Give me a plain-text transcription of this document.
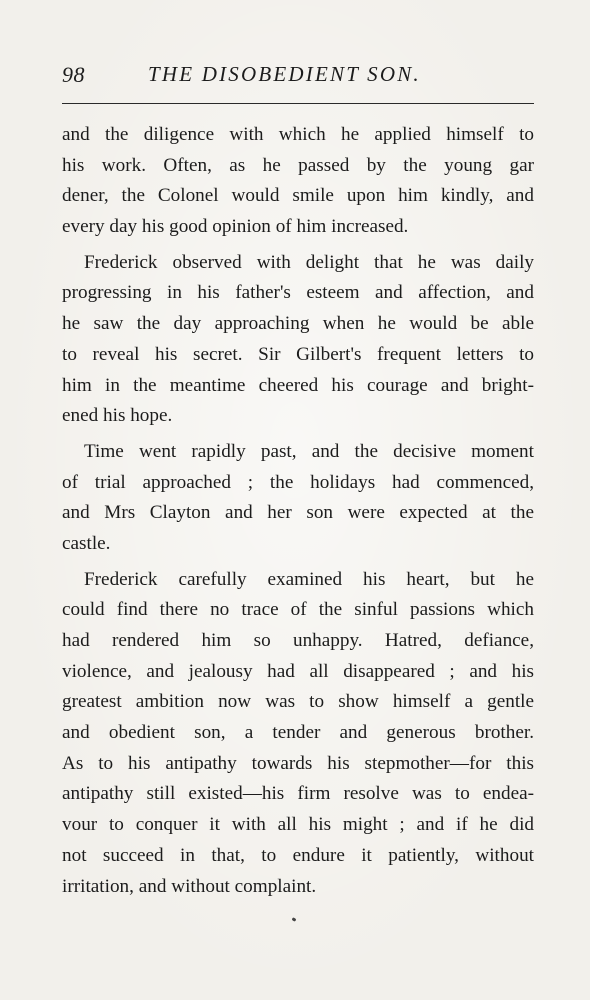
98	THE DISOBEDIENT SON.
and the diligence with which he applied himself to
his work. Often, as he passed by the young gar
dener, the Colonel would smile upon him kindly, and
every day his good opinion of him increased.
Frederick observed with delight that he was daily
progressing in his father's esteem and affection, and
he saw the day approaching when he would be able
to reveal his secret. Sir Gilbert's frequent letters to
him in the meantime cheered his courage and bright-
ened his hope.
Time went rapidly past, and the decisive moment
of trial approached ; the holidays had commenced,
and Mrs Clayton and her son were expected at the
castle.
Frederick carefully examined his heart, but he
could find there no trace of the sinful passions which
had rendered him so unhappy. Hatred, defiance,
violence, and jealousy had all disappeared ; and his
greatest ambition now was to show himself a gentle
and obedient son, a tender and generous brother.
As to his antipathy towards his stepmother—for this
antipathy still existed—his firm resolve was to endea-
vour to conquer it with all his might ; and if he did
not succeed in that, to endure it patiently, without
irritation, and without complaint.
